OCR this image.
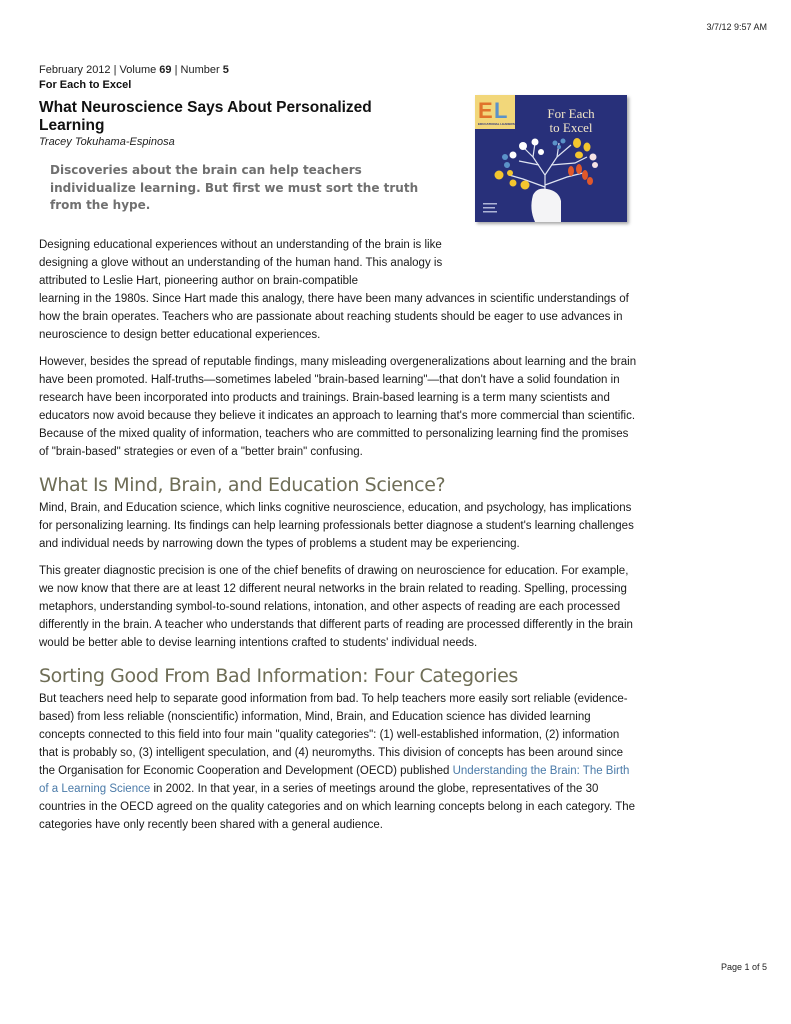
3/7/12 9:57 AM
E L
EDUCATIONAL LEADERSHIP
For Each
to Excel
February 2012 | Volume 69 | Number 5
For Each to Excel
What Neuroscience Says About Personalized Learning
Tracey Tokuhama-Espinosa
Discoveries about the brain can help teachers individualize learning. But first we must sort the truth from the hype.

Designing educational experiences without an understanding of the brain is like designing a glove without an understanding of the human hand. This analogy is attributed to Leslie Hart, pioneering author on brain-compatible

learning in the 1980s. Since Hart made this analogy, there have been many advances in scientific understandings of how the brain operates. Teachers who are passionate about reaching students should be eager to use advances in neuroscience to design better educational experiences.

However, besides the spread of reputable findings, many misleading overgeneralizations about learning and the brain have been promoted. Half-truths—sometimes labeled "brain-based learning"—that don't have a solid foundation in research have been incorporated into products and trainings. Brain-based learning is a term many scientists and educators now avoid because they believe it indicates an approach to learning that's more commercial than scientific. Because of the mixed quality of information, teachers who are committed to personalizing learning find the promises of "brain-based" strategies or even of a "better brain" confusing.

What Is Mind, Brain, and Education Science?

Mind, Brain, and Education science, which links cognitive neuroscience, education, and psychology, has implications for personalizing learning. Its findings can help learning professionals better diagnose a student's learning challenges and individual needs by narrowing down the types of problems a student may be experiencing.

This greater diagnostic precision is one of the chief benefits of drawing on neuroscience for education. For example, we now know that there are at least 12 different neural networks in the brain related to reading. Spelling, processing metaphors, understanding symbol-to-sound relations, intonation, and other aspects of reading are each processed differently in the brain. A teacher who understands that different parts of reading are processed differently in the brain would be better able to devise learning intentions crafted to students' individual needs.

Sorting Good From Bad Information: Four Categories

But teachers need help to separate good information from bad. To help teachers more easily sort reliable (evidence-based) from less reliable (nonscientific) information, Mind, Brain, and Education science has divided learning concepts connected to this field into four main "quality categories": (1) well-established information, (2) information that is probably so, (3) intelligent speculation, and (4) neuromyths. This division of concepts has been around since the Organisation for Economic Cooperation and Development (OECD) published Understanding the Brain: The Birth of a Learning Science in 2002. In that year, in a series of meetings around the globe, representatives of the 30 countries in the OECD agreed on the quality categories and on which learning concepts belong in each category. The categories have only recently been shared with a general audience.

Page 1 of 5
